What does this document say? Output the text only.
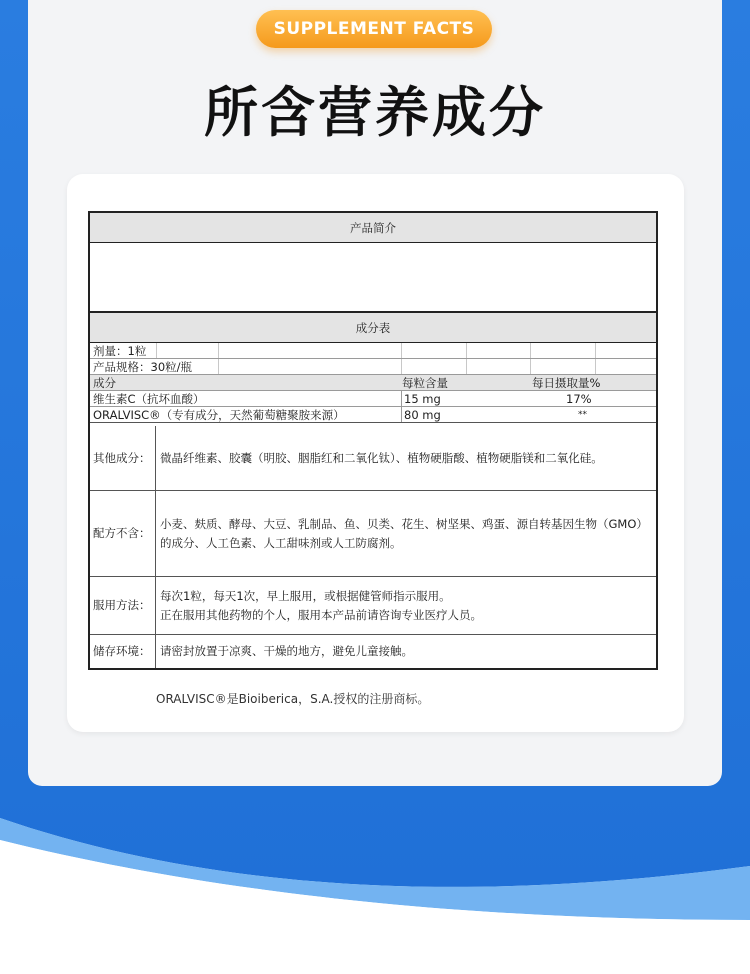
SUPPLEMENT FACTS
所含营养成分
产品简介
成分表
剂量：1粒
产品规格：30粒/瓶
成分	每粒含量	每日摄取量%
维生素C（抗坏血酸）	15 mg	17%
ORALVISC®（专有成分，天然葡萄糖聚胺来源）	80 mg	**
其他成分： 微晶纤维素、胶囊（明胶、胭脂红和二氧化钛）、植物硬脂酸、植物硬脂镁和二氧化硅。
配方不含：
小麦、麸质、酵母、大豆、乳制品、鱼、贝类、花生、树坚果、鸡蛋、源自转基因生物（GMO）的成分、人工色素、人工甜味剂或人工防腐剂。
服用方法：
每次1粒，每天1次，早上服用，或根据健管师指示服用。
正在服用其他药物的个人，服用本产品前请咨询专业医疗人员。
储存环境： 请密封放置于凉爽、干燥的地方，避免儿童接触。
ORALVISC®是Bioiberica，S.A.授权的注册商标。
